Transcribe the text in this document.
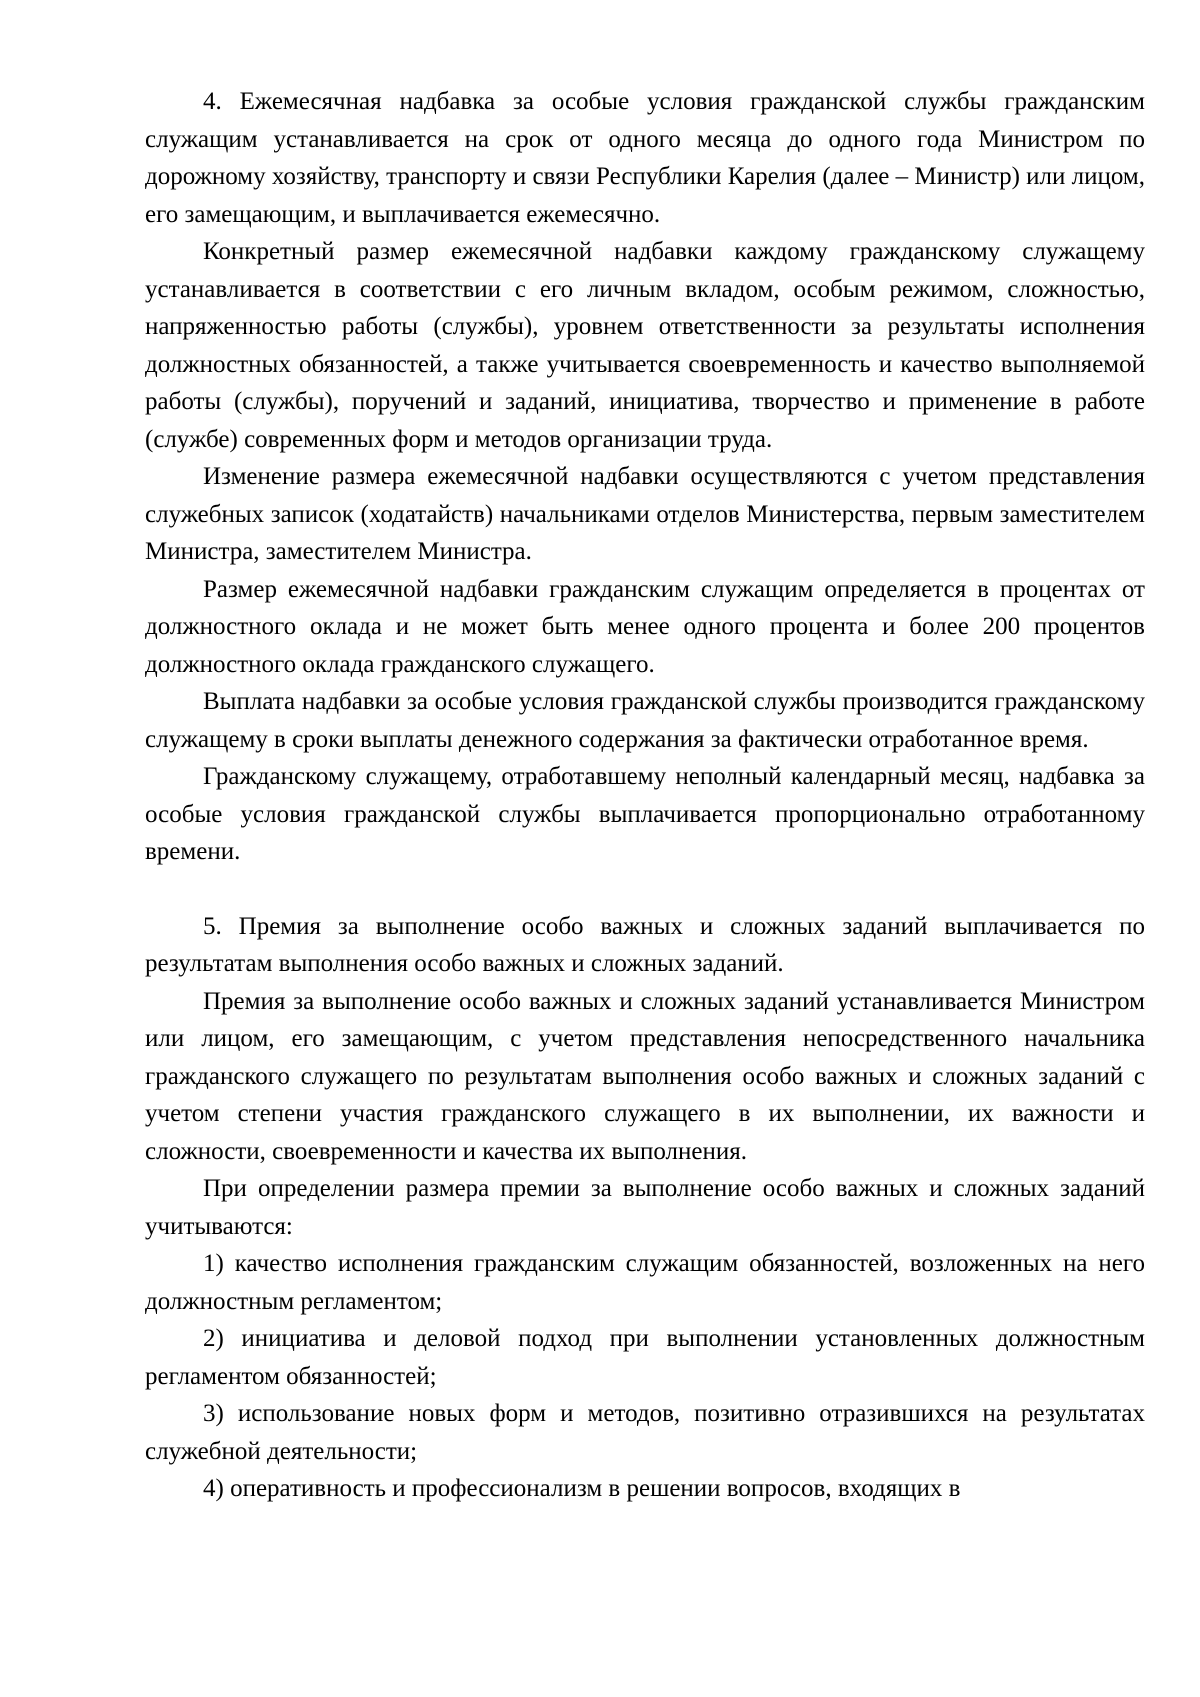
4. Ежемесячная надбавка за особые условия гражданской службы гражданским служащим устанавливается на срок от одного месяца до одного года Министром по дорожному хозяйству, транспорту и связи Республики Карелия (далее – Министр) или лицом, его замещающим, и выплачивается ежемесячно.

Конкретный размер ежемесячной надбавки каждому гражданскому служащему устанавливается в соответствии с его личным вкладом, особым режимом, сложностью, напряженностью работы (службы), уровнем ответственности за результаты исполнения должностных обязанностей, а также учитывается своевременность и качество выполняемой работы (службы), поручений и заданий, инициатива, творчество и применение в работе (службе) современных форм и методов организации труда.

Изменение размера ежемесячной надбавки осуществляются с учетом представления служебных записок (ходатайств) начальниками отделов Министерства, первым заместителем Министра, заместителем Министра.

Размер ежемесячной надбавки гражданским служащим определяется в процентах от должностного оклада и не может быть менее одного процента и более 200 процентов должностного оклада гражданского служащего.

Выплата надбавки за особые условия гражданской службы производится гражданскому служащему в сроки выплаты денежного содержания за фактически отработанное время.

Гражданскому служащему, отработавшему неполный календарный месяц, надбавка за особые условия гражданской службы выплачивается пропорционально отработанному времени.

5. Премия за выполнение особо важных и сложных заданий выплачивается по результатам выполнения особо важных и сложных заданий.

Премия за выполнение особо важных и сложных заданий устанавливается Министром или лицом, его замещающим, с учетом представления непосредственного начальника гражданского служащего по результатам выполнения особо важных и сложных заданий с учетом степени участия гражданского служащего в их выполнении, их важности и сложности, своевременности и качества их выполнения.

При определении размера премии за выполнение особо важных и сложных заданий учитываются:

1) качество исполнения гражданским служащим обязанностей, возложенных на него должностным регламентом;

2) инициатива и деловой подход при выполнении установленных должностным регламентом обязанностей;

3) использование новых форм и методов, позитивно отразившихся на результатах служебной деятельности;

4) оперативность и профессионализм в решении вопросов, входящих в
